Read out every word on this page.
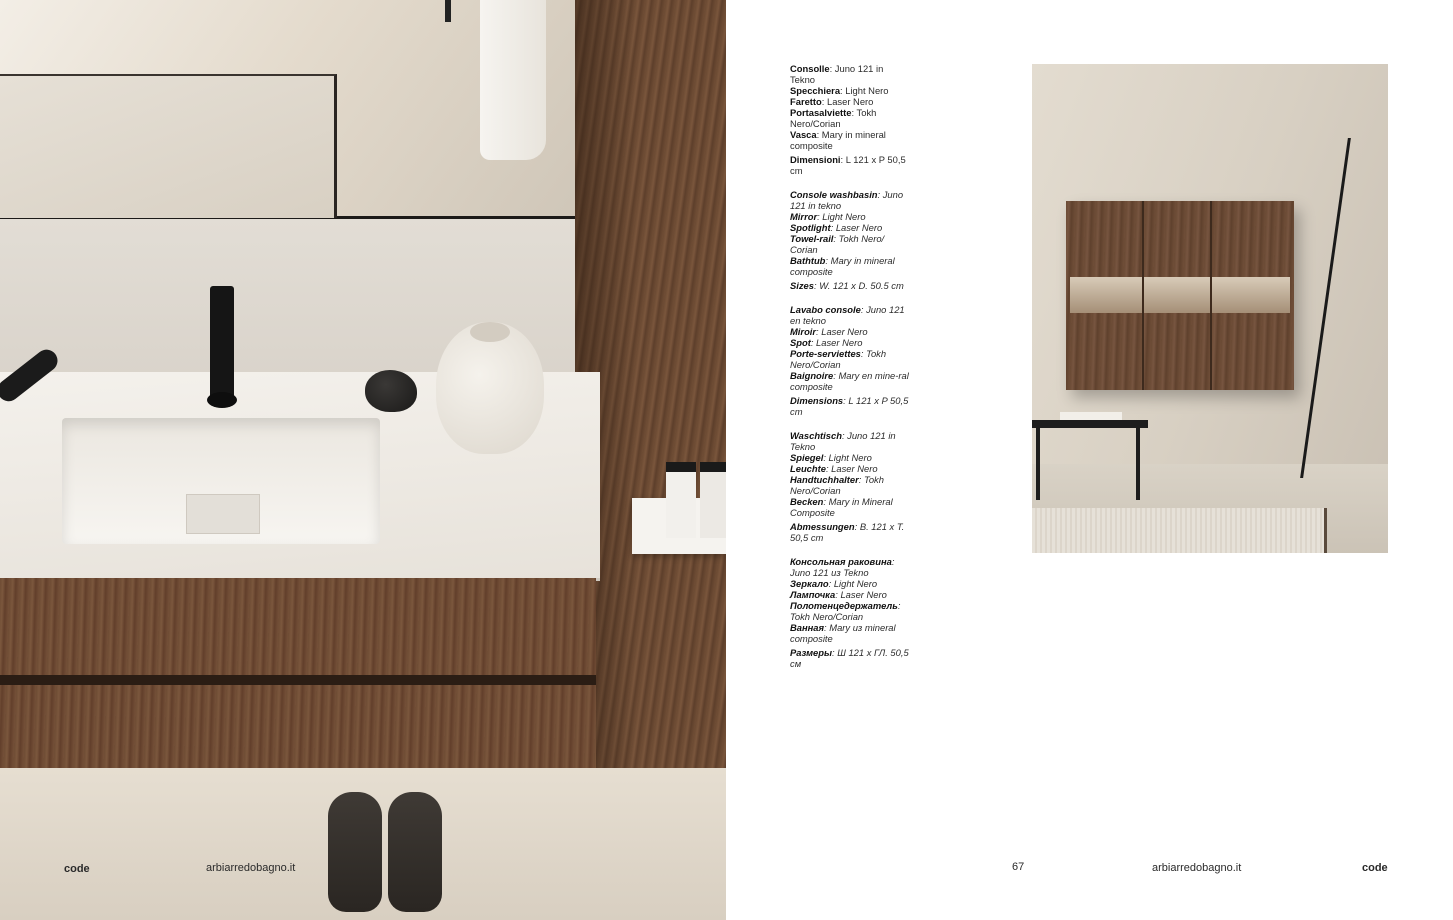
code	arbiarredobagno.it

Consolle: Juno 121 in Tekno

Specchiera: Light Nero

Faretto: Laser Nero

Portasalviette: Tokh Nero/Corian

Vasca: Mary in mineral composite

Dimensioni: L 121 x P 50,5 cm

Console washbasin: Juno 121 in tekno

Mirror: Light Nero

Spotlight: Laser Nero

Towel-rail: Tokh Nero/ Corian

Bathtub: Mary in mineral composite

Sizes: W. 121 x D. 50.5 cm

Lavabo console: Juno 121 en tekno

Miroir: Laser Nero

Spot: Laser Nero

Porte-serviettes: Tokh Nero/Corian

Baignoire: Mary en mine-ral composite

Dimensions: L 121 x P 50,5 cm

Waschtisch: Juno 121 in Tekno

Spiegel: Light Nero

Leuchte: Laser Nero

Handtuchhalter: Tokh Nero/Corian

Becken: Mary in Mineral Composite

Abmessungen: B. 121 x T. 50,5 cm

Консольная раковина: Juno 121 из Tekno

Зеркало: Light Nero

Лампочка: Laser Nero

Полотенцедержатель: Tokh Nero/Corian

Ванная: Mary из mineral composite

Размеры: Ш 121 х ГЛ. 50,5 см

67	arbiarredobagno.it	code
